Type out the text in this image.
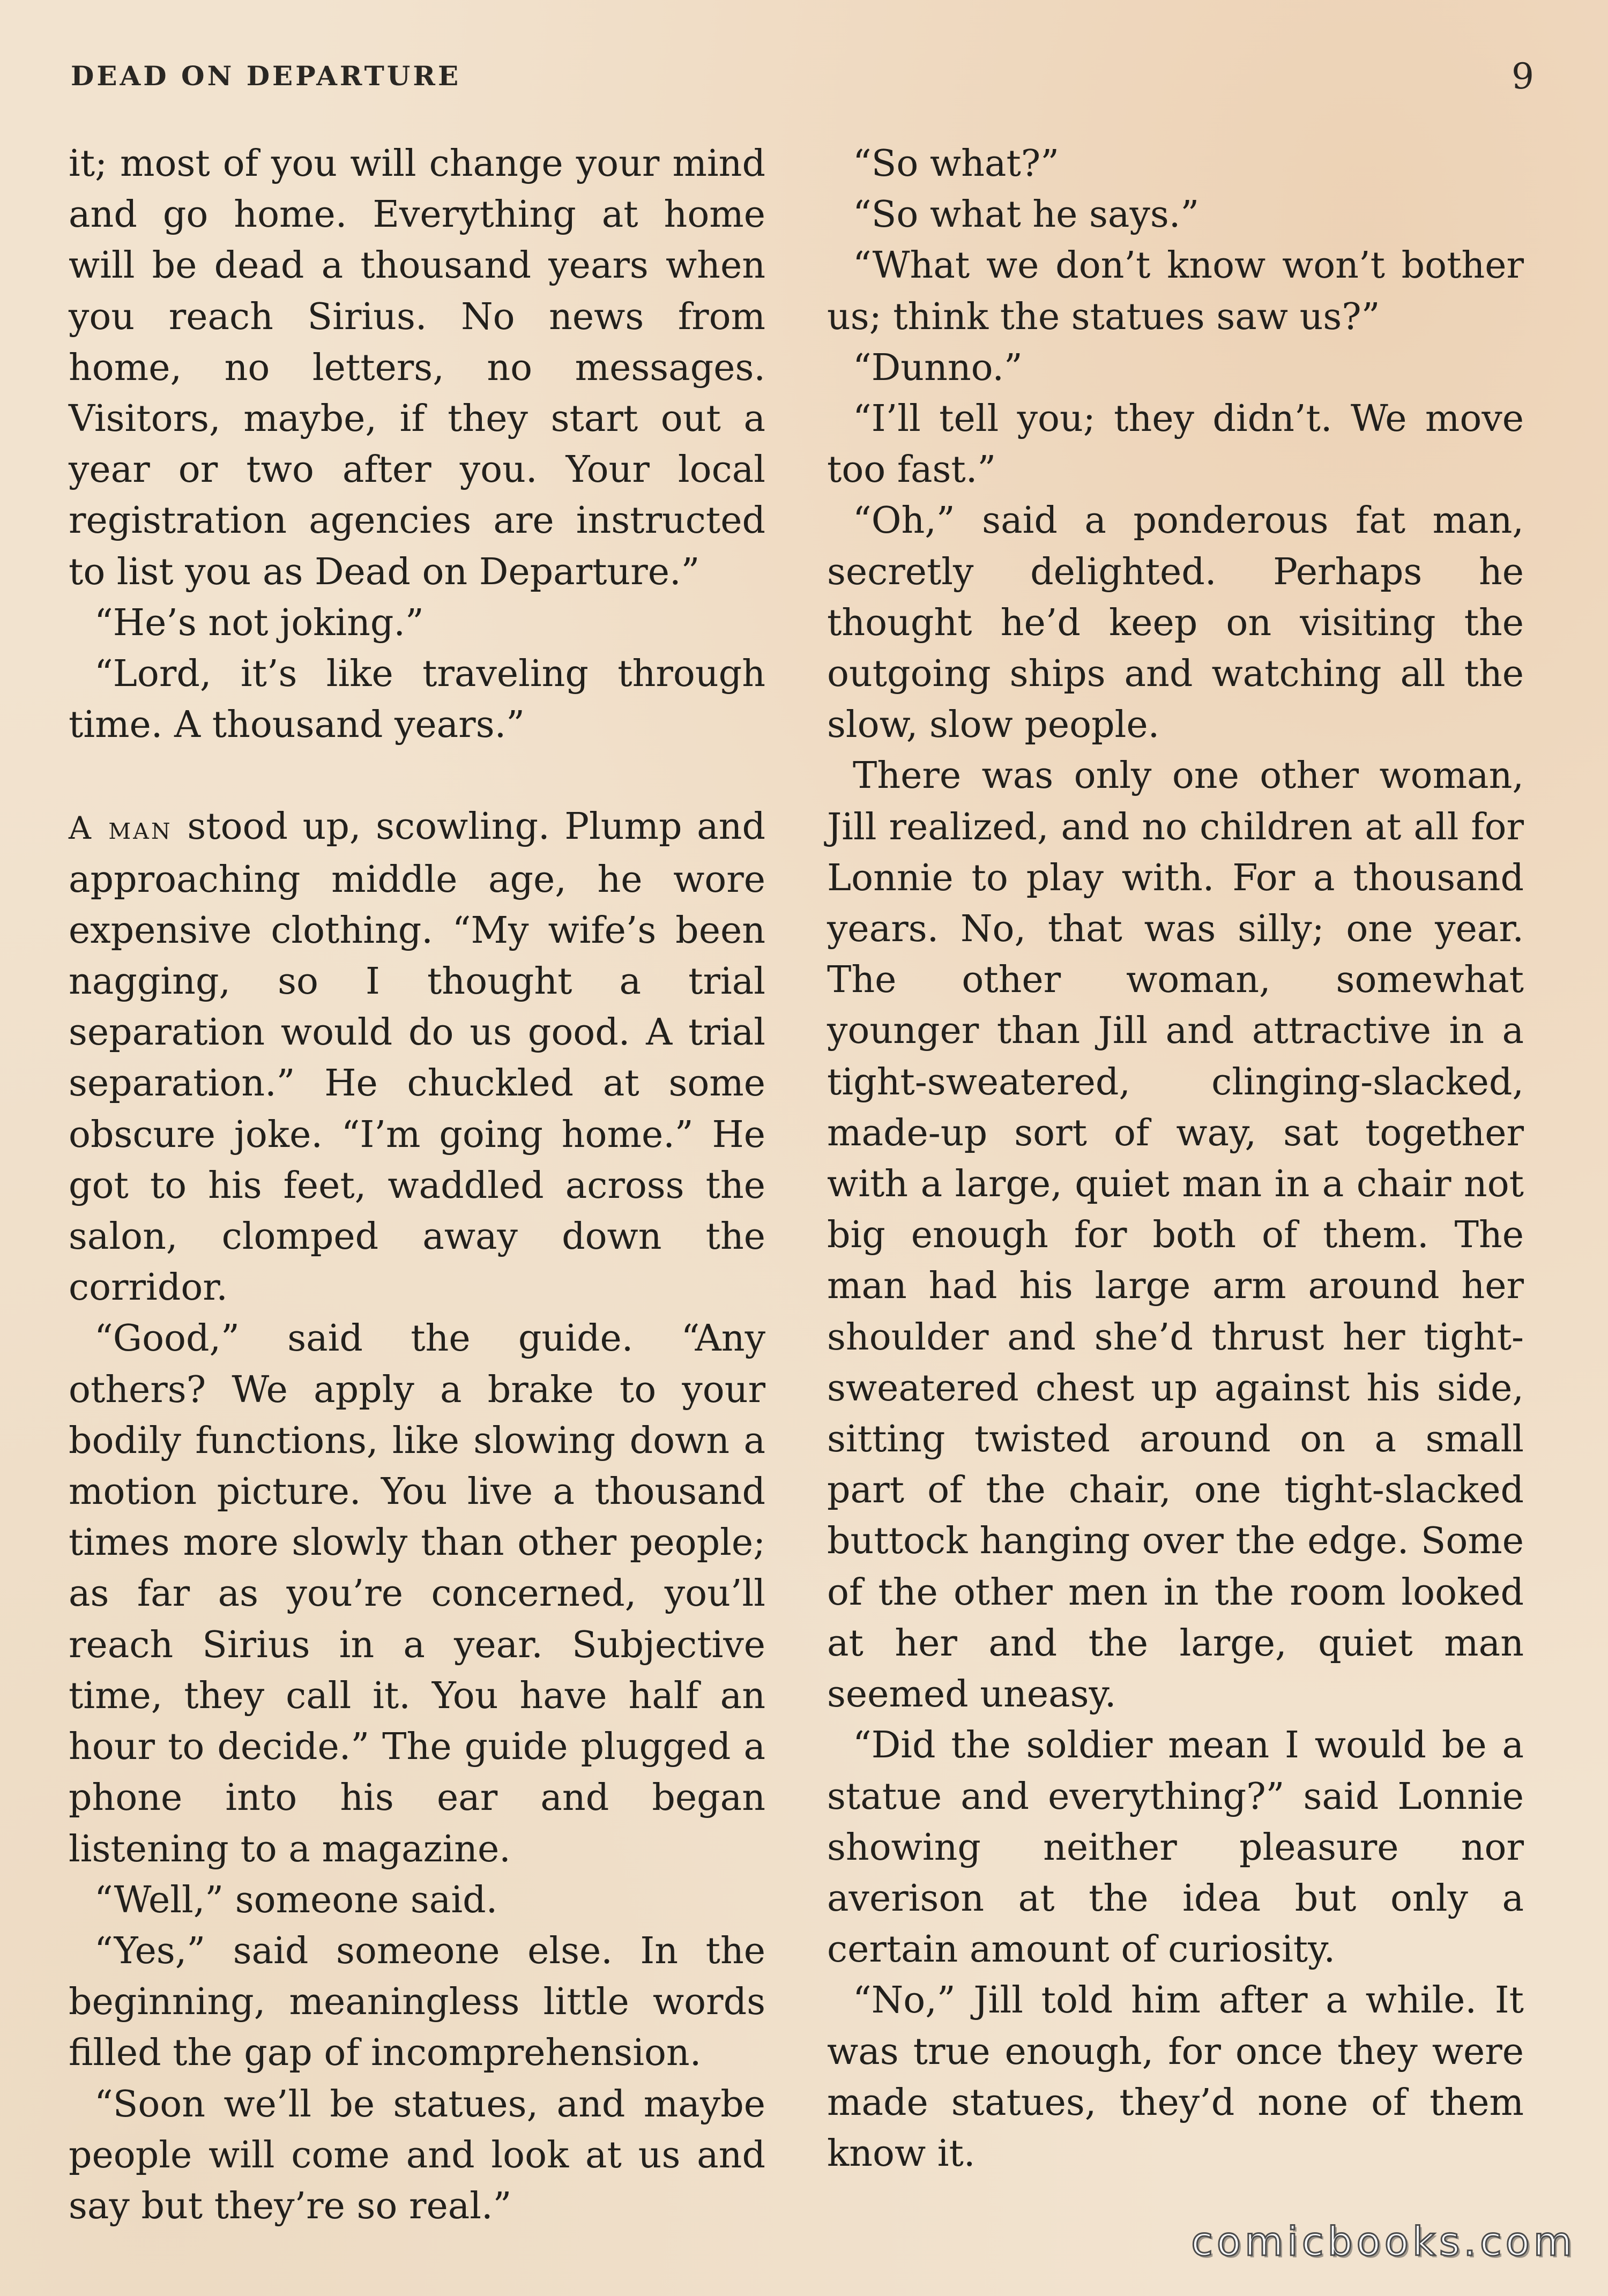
DEAD ON DEPARTURE	9

it; most of you will change your mind and go home. Everything at home will be dead a thousand years when you reach Sirius. No news from home, no letters, no messages. Visitors, maybe, if they start out a year or two after you. Your local registration agencies are instructed to list you as Dead on Departure.”

“He’s not joking.”

“Lord, it’s like traveling through time. A thousand years.”

A man stood up, scowling. Plump and approaching middle age, he wore expensive clothing. “My wife’s been nagging, so I thought a trial separation would do us good. A trial separation.” He chuckled at some obscure joke. “I’m going home.” He got to his feet, waddled across the salon, clomped away down the corridor.

“Good,” said the guide. “Any others? We apply a brake to your bodily functions, like slowing down a motion picture. You live a thousand times more slowly than other people; as far as you’re concerned, you’ll reach Sirius in a year. Subjective time, they call it. You have half an hour to decide.” The guide plugged a phone into his ear and began listening to a magazine.

“Well,” someone said.

“Yes,” said someone else. In the beginning, meaningless little words filled the gap of incomprehension.

“Soon we’ll be statues, and maybe people will come and look at us and say but they’re so real.”

“So what?”

“So what he says.”

“What we don’t know won’t bother us; think the statues saw us?”

“Dunno.”

“I’ll tell you; they didn’t. We move too fast.”

“Oh,” said a ponderous fat man, secretly delighted. Perhaps he thought he’d keep on visiting the outgoing ships and watching all the slow, slow people.

There was only one other woman, Jill realized, and no children at all for Lonnie to play with. For a thousand years. No, that was silly; one year. The other woman, somewhat younger than Jill and attractive in a tight-sweatered, clinging-slacked, made-up sort of way, sat together with a large, quiet man in a chair not big enough for both of them. The man had his large arm around her shoulder and she’d thrust her tight-sweatered chest up against his side, sitting twisted around on a small part of the chair, one tight-slacked buttock hanging over the edge. Some of the other men in the room looked at her and the large, quiet man seemed uneasy.

“Did the soldier mean I would be a statue and everything?” said Lonnie showing neither pleasure nor averison at the idea but only a certain amount of curiosity.

“No,” Jill told him after a while. It was true enough, for once they were made statues, they’d none of them know it.

comicbooks.com
